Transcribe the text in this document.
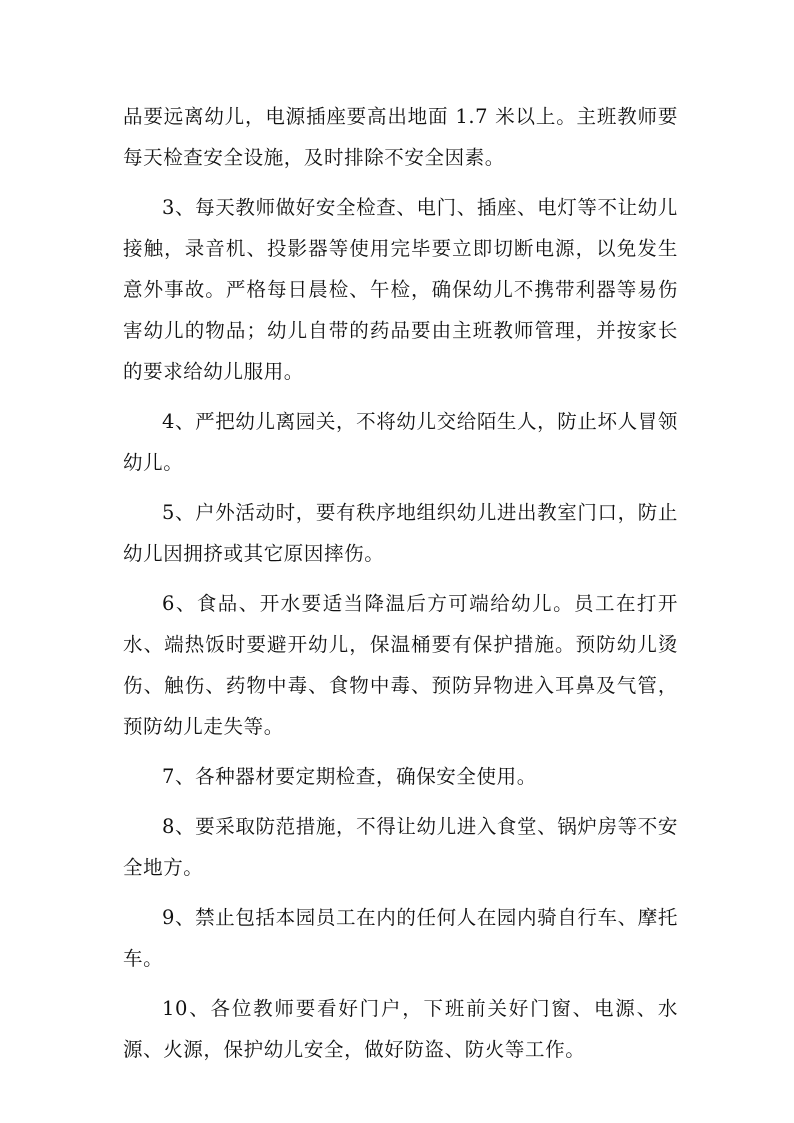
品要远离幼儿，电源插座要高出地面 1.7 米以上。主班教师要每天检查安全设施，及时排除不安全因素。

3、每天教师做好安全检查、电门、插座、电灯等不让幼儿接触，录音机、投影器等使用完毕要立即切断电源，以免发生意外事故。严格每日晨检、午检，确保幼儿不携带利器等易伤害幼儿的物品；幼儿自带的药品要由主班教师管理，并按家长的要求给幼儿服用。

4、严把幼儿离园关，不将幼儿交给陌生人，防止坏人冒领幼儿。

5、户外活动时，要有秩序地组织幼儿进出教室门口，防止幼儿因拥挤或其它原因摔伤。

6、食品、开水要适当降温后方可端给幼儿。员工在打开水、端热饭时要避开幼儿，保温桶要有保护措施。预防幼儿烫伤、触伤、药物中毒、食物中毒、预防异物进入耳鼻及气管，预防幼儿走失等。

7、各种器材要定期检查，确保安全使用。

8、要采取防范措施，不得让幼儿进入食堂、锅炉房等不安全地方。

9、禁止包括本园员工在内的任何人在园内骑自行车、摩托车。

10、各位教师要看好门户，下班前关好门窗、电源、水源、火源，保护幼儿安全，做好防盗、防火等工作。
